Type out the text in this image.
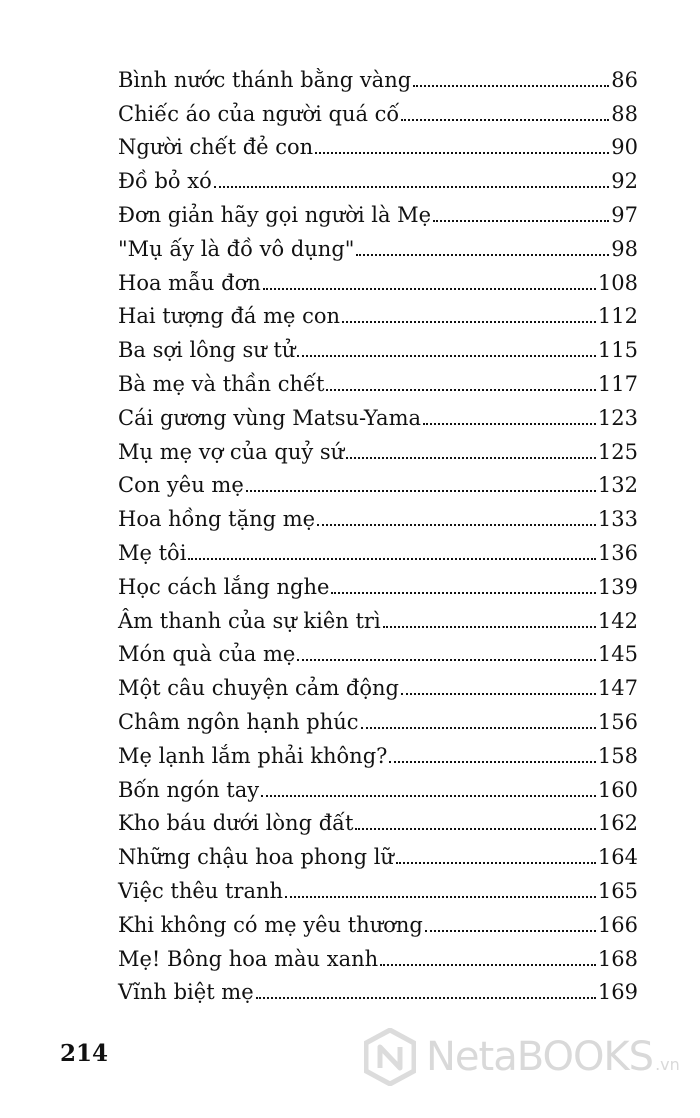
Bình nước thánh bằng vàng	86
Chiếc áo của người quá cố	88
Người chết đẻ con	90
Đồ bỏ xó	92
Đơn giản hãy gọi người là Mẹ	97
"Mụ ấy là đồ vô dụng"	98
Hoa mẫu đơn	108
Hai tượng đá mẹ con	112
Ba sợi lông sư tử	115
Bà mẹ và thần chết	117
Cái gương vùng Matsu-Yama	123
Mụ mẹ vợ của quỷ sứ	125
Con yêu mẹ	132
Hoa hồng tặng mẹ	133
Mẹ tôi	136
Học cách lắng nghe	139
Âm thanh của sự kiên trì	142
Món quà của mẹ	145
Một câu chuyện cảm động	147
Châm ngôn hạnh phúc	156
Mẹ lạnh lắm phải không?	158
Bốn ngón tay	160
Kho báu dưới lòng đất	162
Những chậu hoa phong lữ	164
Việc thêu tranh	165
Khi không có mẹ yêu thương	166
Mẹ! Bông hoa màu xanh	168
Vĩnh biệt mẹ	169
214	NetaBOOKS .vn
